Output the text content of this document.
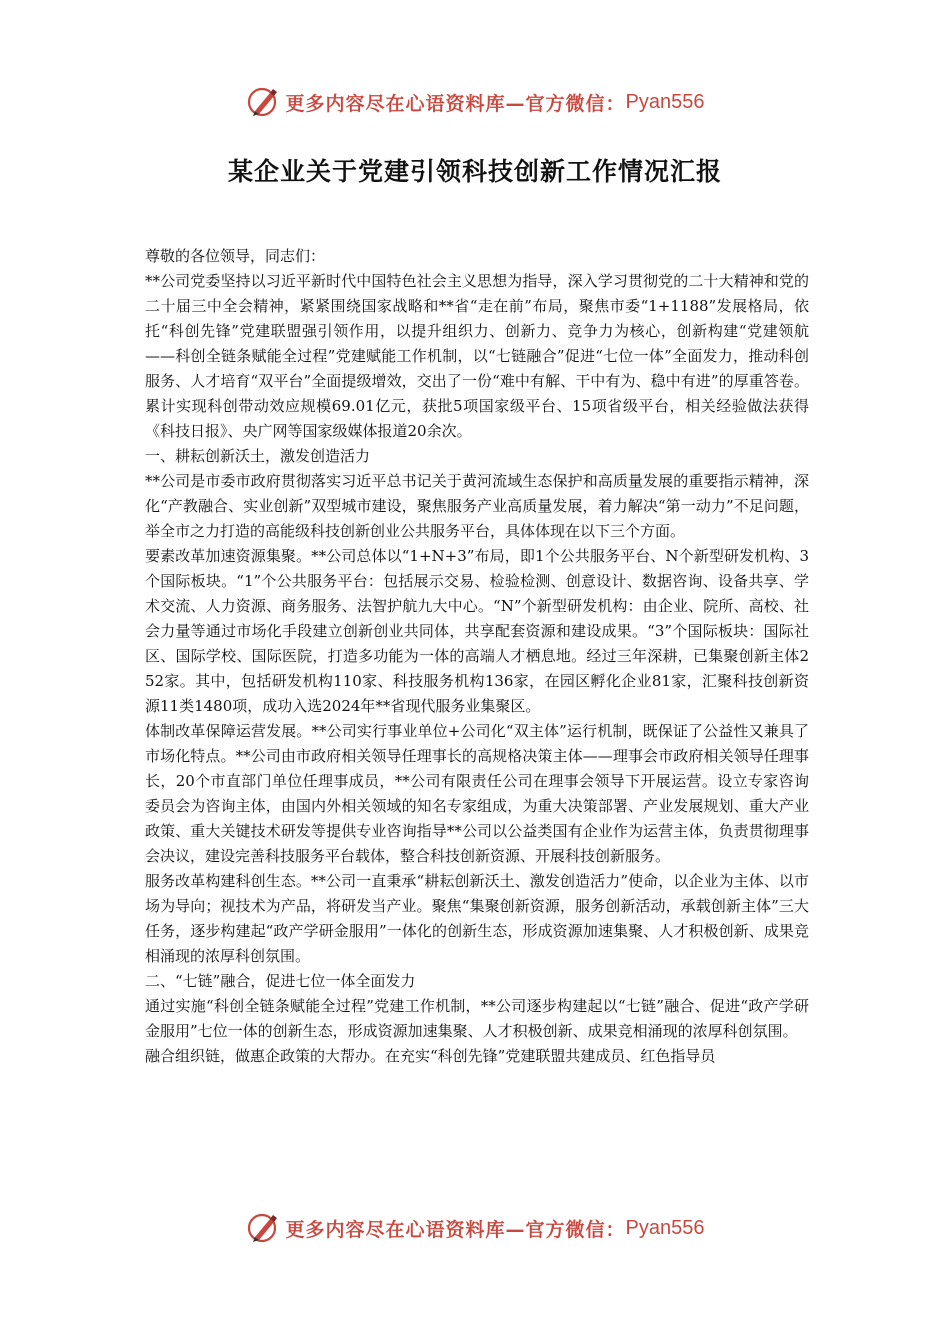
更多内容尽在心语资料库—官方微信： Pyan556
某企业关于党建引领科技创新工作情况汇报

尊敬的各位领导，同志们：

**公司党委坚持以习近平新时代中国特色社会主义思想为指导，深入学习贯彻党的二十大精神和党的二十届三中全会精神，紧紧围绕国家战略和**省“走在前”布局，聚焦市委“1+1188”发展格局，依托“科创先锋”党建联盟强引领作用，以提升组织力、创新力、竞争力为核心，创新构建“党建领航——科创全链条赋能全过程”党建赋能工作机制，以“七链融合”促进“七位一体”全面发力，推动科创服务、人才培育“双平台”全面提级增效，交出了一份“难中有解、干中有为、稳中有进”的厚重答卷。累计实现科创带动效应规模69.01亿元，获批5项国家级平台、15项省级平台，相关经验做法获得《科技日报》、央广网等国家级媒体报道20余次。

一、耕耘创新沃土，激发创造活力

**公司是市委市政府贯彻落实习近平总书记关于黄河流域生态保护和高质量发展的重要指示精神，深化“产教融合、实业创新”双型城市建设，聚焦服务产业高质量发展，着力解决“第一动力”不足问题，举全市之力打造的高能级科技创新创业公共服务平台，具体体现在以下三个方面。

要素改革加速资源集聚。**公司总体以“1+N+3”布局，即1个公共服务平台、N个新型研发机构、3个国际板块。“1”个公共服务平台：包括展示交易、检验检测、创意设计、数据咨询、设备共享、学术交流、人力资源、商务服务、法智护航九大中心。“N”个新型研发机构：由企业、院所、高校、社会力量等通过市场化手段建立创新创业共同体，共享配套资源和建设成果。“3”个国际板块：国际社区、国际学校、国际医院，打造多功能为一体的高端人才栖息地。经过三年深耕，已集聚创新主体252家。其中，包括研发机构110家、科技服务机构136家，在园区孵化企业81家，汇聚科技创新资源11类1480项，成功入选2024年**省现代服务业集聚区。

体制改革保障运营发展。**公司实行事业单位+公司化“双主体”运行机制，既保证了公益性又兼具了市场化特点。**公司由市政府相关领导任理事长的高规格决策主体——理事会市政府相关领导任理事长，20个市直部门单位任理事成员，**公司有限责任公司在理事会领导下开展运营。设立专家咨询委员会为咨询主体，由国内外相关领域的知名专家组成，为重大决策部署、产业发展规划、重大产业政策、重大关键技术研发等提供专业咨询指导**公司以公益类国有企业作为运营主体，负责贯彻理事会决议，建设完善科技服务平台载体，整合科技创新资源、开展科技创新服务。

服务改革构建科创生态。**公司一直秉承“耕耘创新沃土、激发创造活力”使命，以企业为主体、以市场为导向；视技术为产品，将研发当产业。聚焦“集聚创新资源，服务创新活动，承载创新主体”三大任务，逐步构建起“政产学研金服用”一体化的创新生态，形成资源加速集聚、人才积极创新、成果竞相涌现的浓厚科创氛围。

二、“七链”融合，促进七位一体全面发力

通过实施“科创全链条赋能全过程”党建工作机制，**公司逐步构建起以“七链”融合、促进“政产学研金服用”七位一体的创新生态，形成资源加速集聚、人才积极创新、成果竞相涌现的浓厚科创氛围。

融合组织链，做惠企政策的大帮办。在充实“科创先锋”党建联盟共建成员、红色指导员

更多内容尽在心语资料库—官方微信： Pyan556
